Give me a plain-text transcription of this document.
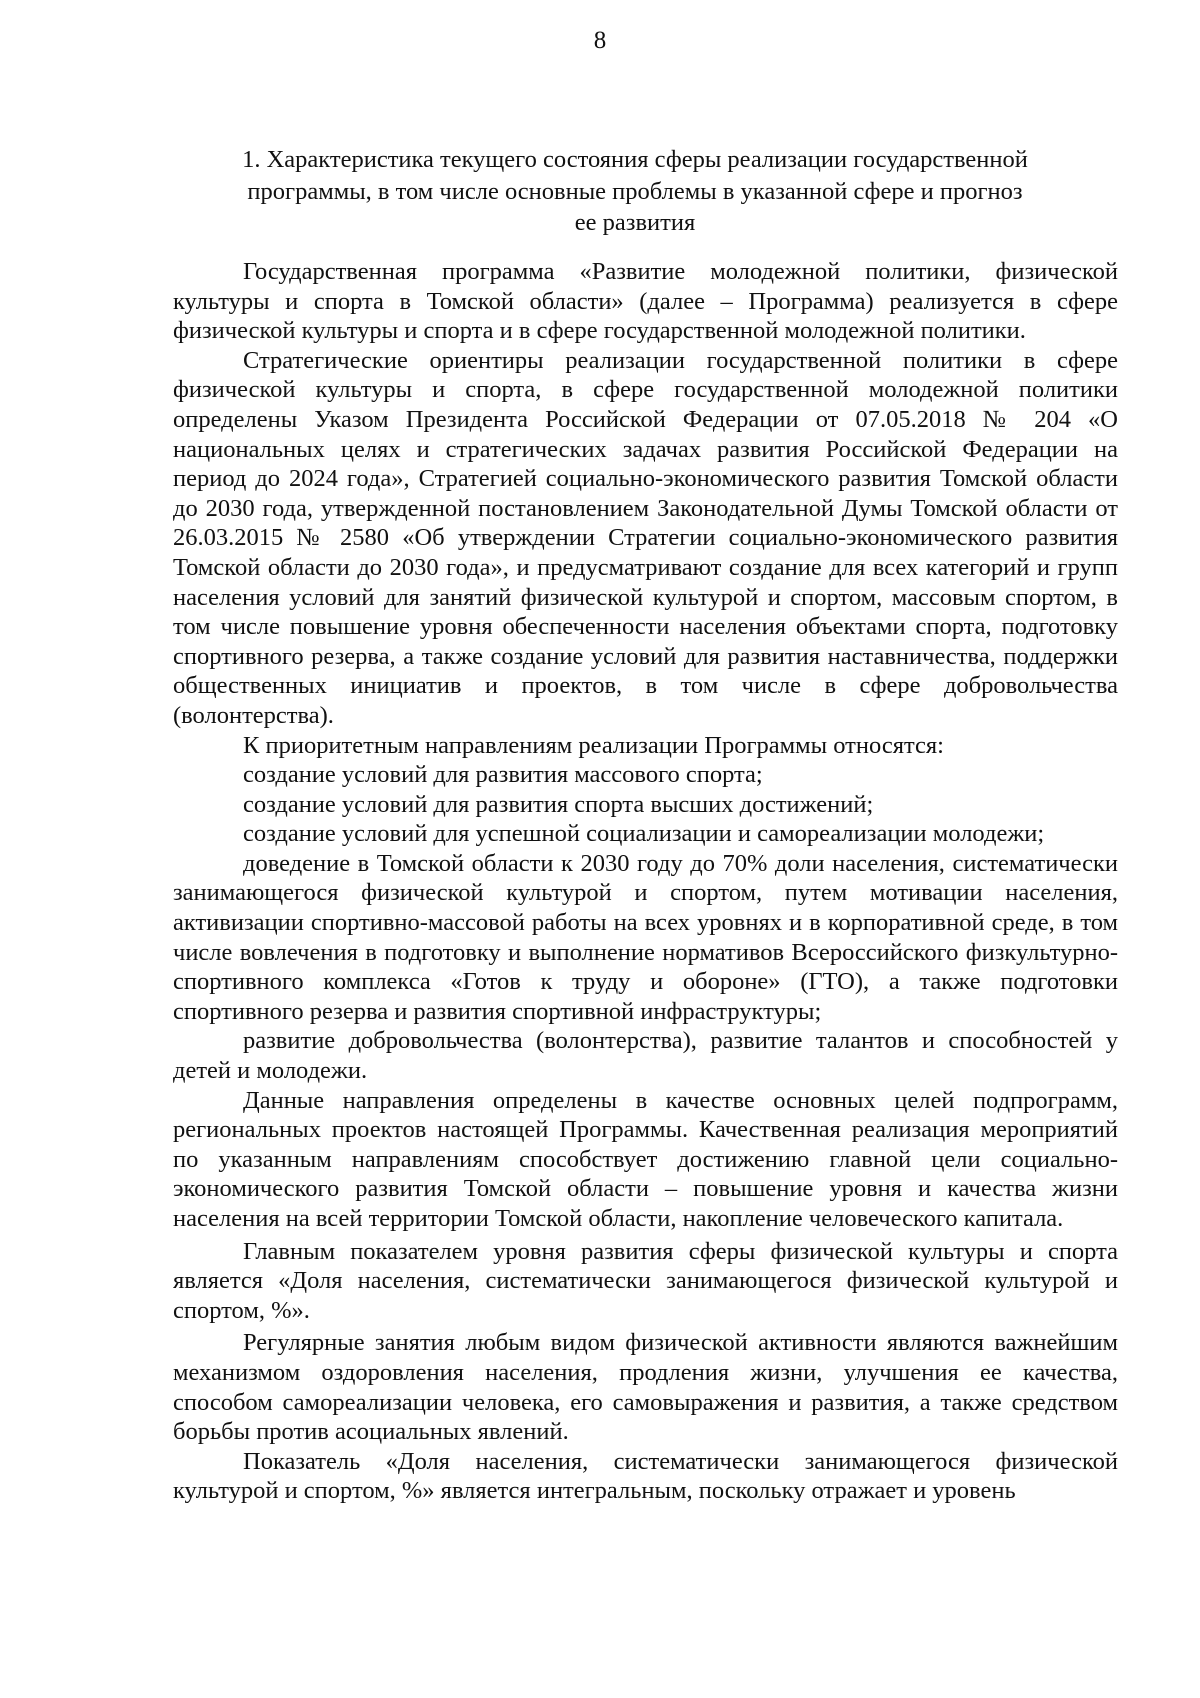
8
1. Характеристика текущего состояния сферы реализации государственной
программы, в том числе основные проблемы в указанной сфере и прогноз
ее развития

Государственная программа «Развитие молодежной политики, физической культуры и спорта в Томской области» (далее – Программа) реализуется в сфере физической культуры и спорта и в сфере государственной молодежной политики.

Стратегические ориентиры реализации государственной политики в сфере физической культуры и спорта, в сфере государственной молодежной политики определены Указом Президента Российской Федерации от 07.05.2018 № 204 «О национальных целях и стратегических задачах развития Российской Федерации на период до 2024 года», Стратегией социально-экономического развития Томской области до 2030 года, утвержденной постановлением Законодательной Думы Томской области от 26.03.2015 № 2580 «Об утверждении Стратегии социально-экономического развития Томской области до 2030 года», и предусматривают создание для всех категорий и групп населения условий для занятий физической культурой и спортом, массовым спортом, в том числе повышение уровня обеспеченности населения объектами спорта, подготовку спортивного резерва, а также создание условий для развития наставничества, поддержки общественных инициатив и проектов, в том числе в сфере добровольчества (волонтерства).

К приоритетным направлениям реализации Программы относятся:

создание условий для развития массового спорта;

создание условий для развития спорта высших достижений;

создание условий для успешной социализации и самореализации молодежи;

доведение в Томской области к 2030 году до 70% доли населения, систематически занимающегося физической культурой и спортом, путем мотивации населения, активизации спортивно-массовой работы на всех уровнях и в корпоративной среде, в том числе вовлечения в подготовку и выполнение нормативов Всероссийского физкультурно-спортивного комплекса «Готов к труду и обороне» (ГТО), а также подготовки спортивного резерва и развития спортивной инфраструктуры;

развитие добровольчества (волонтерства), развитие талантов и способностей у детей и молодежи.

Данные направления определены в качестве основных целей подпрограмм, региональных проектов настоящей Программы. Качественная реализация мероприятий по указанным направлениям способствует достижению главной цели социально-экономического развития Томской области – повышение уровня и качества жизни населения на всей территории Томской области, накопление человеческого капитала.

Главным показателем уровня развития сферы физической культуры и спорта является «Доля населения, систематически занимающегося физической культурой и спортом, %».

Регулярные занятия любым видом физической активности являются важнейшим механизмом оздоровления населения, продления жизни, улучшения ее качества, способом самореализации человека, его самовыражения и развития, а также средством борьбы против асоциальных явлений.

Показатель «Доля населения, систематически занимающегося физической культурой и спортом, %» является интегральным, поскольку отражает и уровень
